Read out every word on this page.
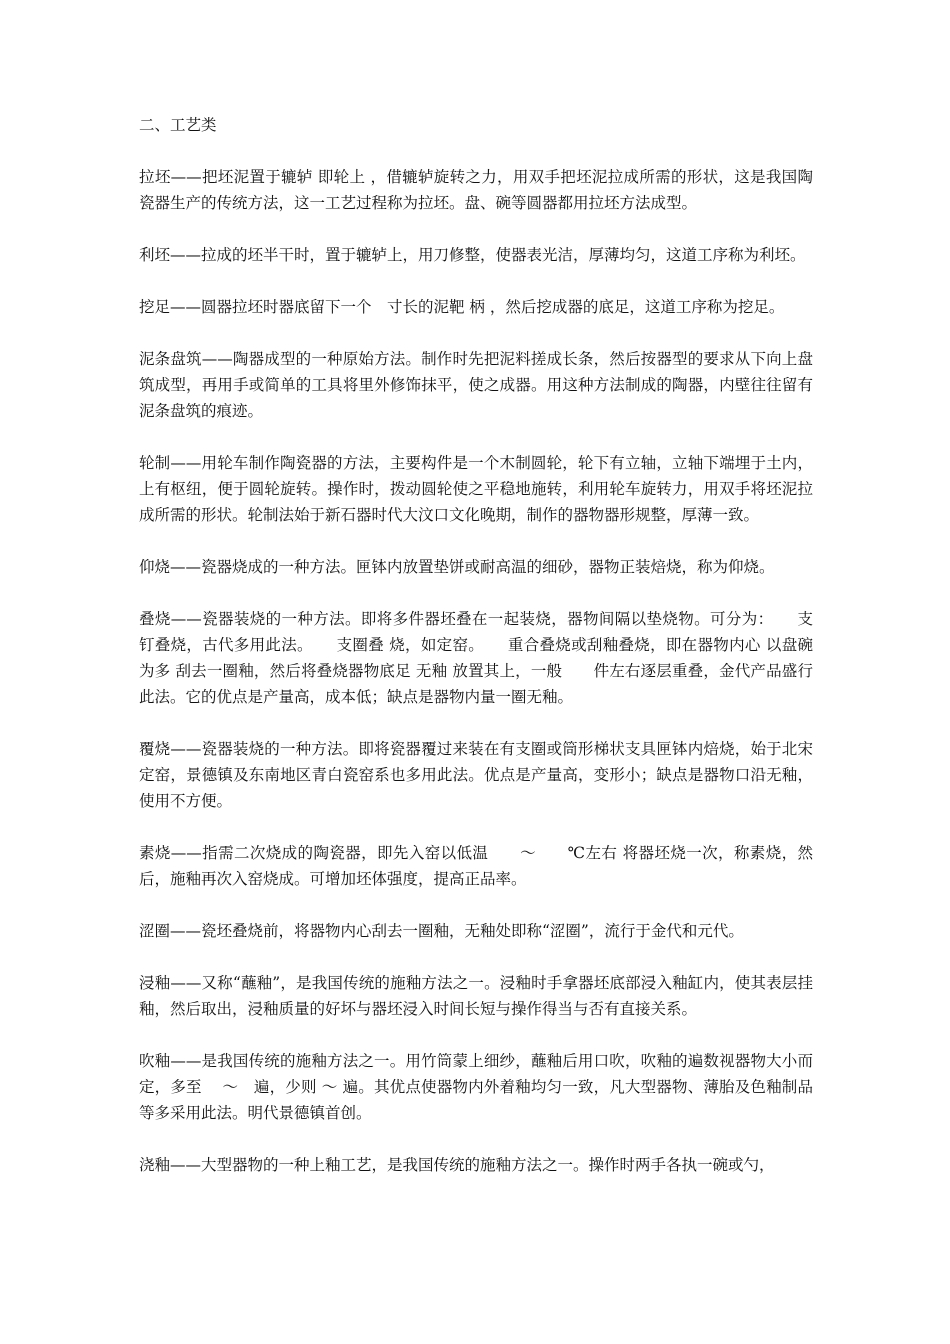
二、工艺类

拉坯——把坯泥置于辘轳 即轮上 ，借辘轳旋转之力，用双手把坯泥拉成所需的形状，这是我国陶瓷器生产的传统方法，这一工艺过程称为拉坯。盘、碗等圆器都用拉坯方法成型。

利坯——拉成的坯半干时，置于辘轳上，用刀修整，使器表光洁，厚薄均匀，这道工序称为利坯。

挖足——圆器拉坯时器底留下一个　寸长的泥靶 柄 ，然后挖成器的底足，这道工序称为挖足。

泥条盘筑——陶器成型的一种原始方法。制作时先把泥料搓成长条，然后按器型的要求从下向上盘筑成型，再用手或简单的工具将里外修饰抹平，使之成器。用这种方法制成的陶器，内壁往往留有泥条盘筑的痕迹。

轮制——用轮车制作陶瓷器的方法，主要构件是一个木制圆轮，轮下有立轴，立轴下端埋于土内，上有枢纽，便于圆轮旋转。操作时，拨动圆轮使之平稳地施转，利用轮车旋转力，用双手将坯泥拉成所需的形状。轮制法始于新石器时代大汶口文化晚期，制作的器物器形规整，厚薄一致。

仰烧——瓷器烧成的一种方法。匣钵内放置垫饼或耐高温的细砂，器物正装焙烧，称为仰烧。

叠烧——瓷器装烧的一种方法。即将多件器坯叠在一起装烧，器物间隔以垫烧物。可分为：　　支钉叠烧，古代多用此法。　　支圈叠 烧，如定窑。　　重合叠烧或刮釉叠烧，即在器物内心 以盘碗为多 刮去一圈釉，然后将叠烧器物底足 无釉 放置其上，一般　　件左右逐层重叠，金代产品盛行此法。它的优点是产量高，成本低；缺点是器物内量一圈无釉。

覆烧——瓷器装烧的一种方法。即将瓷器覆过来装在有支圈或筒形梯状支具匣钵内焙烧，始于北宋定窑，景德镇及东南地区青白瓷窑系也多用此法。优点是产量高，变形小；缺点是器物口沿无釉，使用不方便。

素烧——指需二次烧成的陶瓷器，即先入窑以低温　　～　　℃左右 将器坯烧一次，称素烧，然后，施釉再次入窑烧成。可增加坯体强度，提高正品率。

涩圈——瓷坯叠烧前，将器物内心刮去一圈釉，无釉处即称“涩圈”，流行于金代和元代。

浸釉——又称“蘸釉”，是我国传统的施釉方法之一。浸釉时手拿器坯底部浸入釉缸内，使其表层挂釉，然后取出，浸釉质量的好坏与器坯浸入时间长短与操作得当与否有直接关系。

吹釉——是我国传统的施釉方法之一。用竹筒蒙上细纱，蘸釉后用口吹，吹釉的遍数视器物大小而定，多至　 ～　遍，少则 ～ 遍。其优点使器物内外着釉均匀一致，凡大型器物、薄胎及色釉制品等多采用此法。明代景德镇首创。

浇釉——大型器物的一种上釉工艺，是我国传统的施釉方法之一。操作时两手各执一碗或勺，
